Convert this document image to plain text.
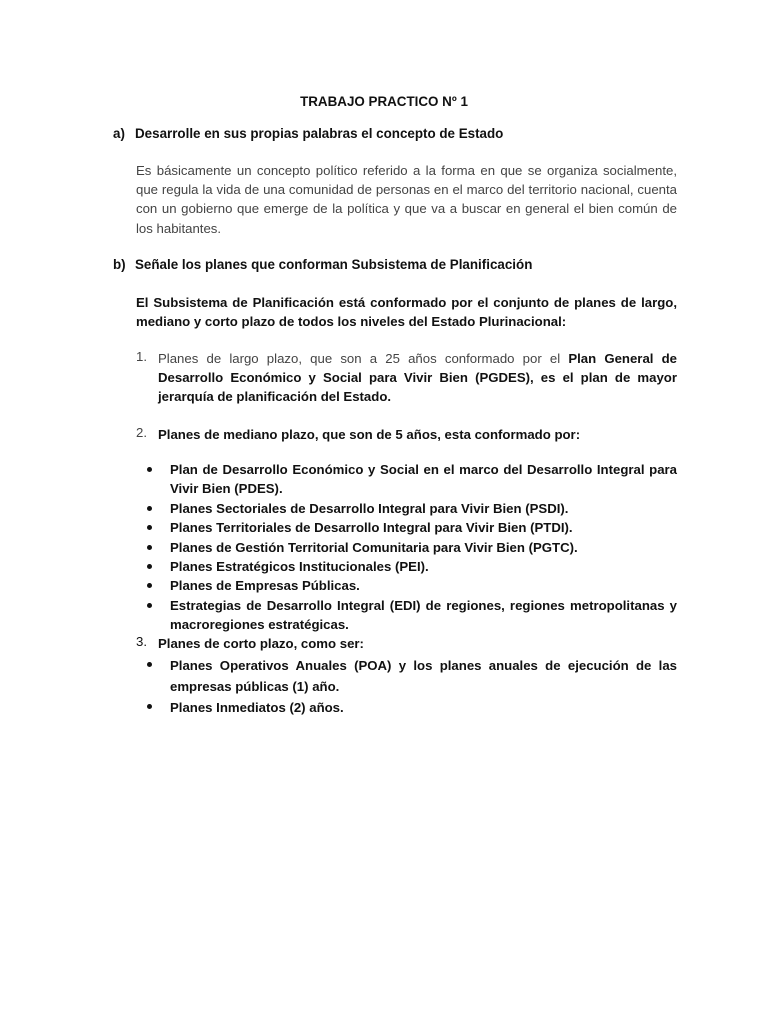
TRABAJO PRACTICO Nº 1
a) Desarrolle en sus propias palabras el concepto de Estado
Es básicamente un concepto político referido a la forma en que se organiza socialmente, que regula la vida de una comunidad de personas en el marco del territorio nacional, cuenta con un gobierno que emerge de la política y que va a buscar en general el bien común de los habitantes.
b) Señale los planes que conforman Subsistema de Planificación
El Subsistema de Planificación está conformado por el conjunto de planes de largo, mediano y corto plazo de todos los niveles del Estado Plurinacional:
1. Planes de largo plazo, que son a 25 años conformado por el Plan General de Desarrollo Económico y Social para Vivir Bien (PGDES), es el plan de mayor jerarquía de planificación del Estado.
2. Planes de mediano plazo, que son de 5 años, esta conformado por:
Plan de Desarrollo Económico y Social en el marco del Desarrollo Integral para Vivir Bien (PDES).
Planes Sectoriales de Desarrollo Integral para Vivir Bien (PSDI).
Planes Territoriales de Desarrollo Integral para Vivir Bien (PTDI).
Planes de Gestión Territorial Comunitaria para Vivir Bien (PGTC).
Planes Estratégicos Institucionales (PEI).
Planes de Empresas Públicas.
Estrategias de Desarrollo Integral (EDI) de regiones, regiones metropolitanas y macroregiones estratégicas.
3. Planes de corto plazo, como ser:
Planes Operativos Anuales (POA) y los planes anuales de ejecución de las empresas públicas (1) año.
Planes Inmediatos (2) años.
